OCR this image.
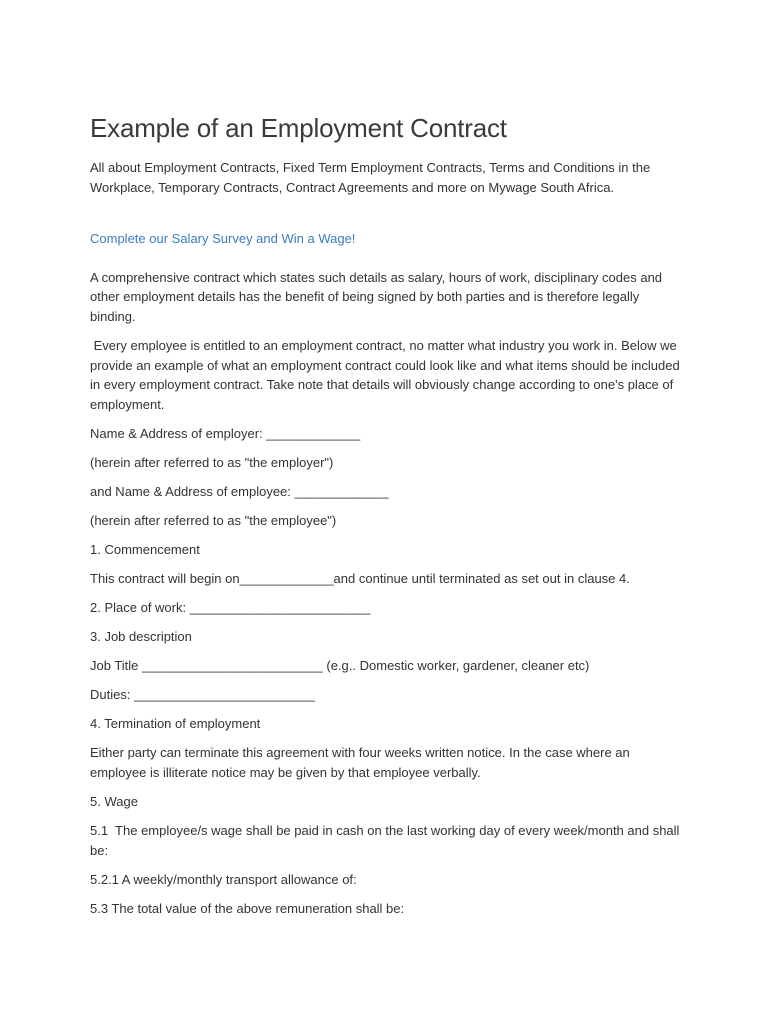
Example of an Employment Contract

All about Employment Contracts, Fixed Term Employment Contracts, Terms and Conditions in the Workplace, Temporary Contracts, Contract Agreements and more on Mywage South Africa.

Complete our Salary Survey and Win a Wage!

A comprehensive contract which states such details as salary, hours of work, disciplinary codes and other employment details has the benefit of being signed by both parties and is therefore legally binding.

Every employee is entitled to an employment contract, no matter what industry you work in. Below we provide an example of what an employment contract could look like and what items should be included in every employment contract. Take note that details will obviously change according to one's place of employment.

Name & Address of employer: _____________

(herein after referred to as "the employer")

and Name & Address of employee: _____________

(herein after referred to as "the employee")

1. Commencement

This contract will begin on_____________and continue until terminated as set out in clause 4.

2. Place of work: _________________________

3. Job description

Job Title _________________________ (e.g.. Domestic worker, gardener, cleaner etc)

Duties: _________________________

4. Termination of employment

Either party can terminate this agreement with four weeks written notice. In the case where an employee is illiterate notice may be given by that employee verbally.

5. Wage

5.1  The employee/s wage shall be paid in cash on the last working day of every week/month and shall be:

5.2.1 A weekly/monthly transport allowance of:

5.3 The total value of the above remuneration shall be:
